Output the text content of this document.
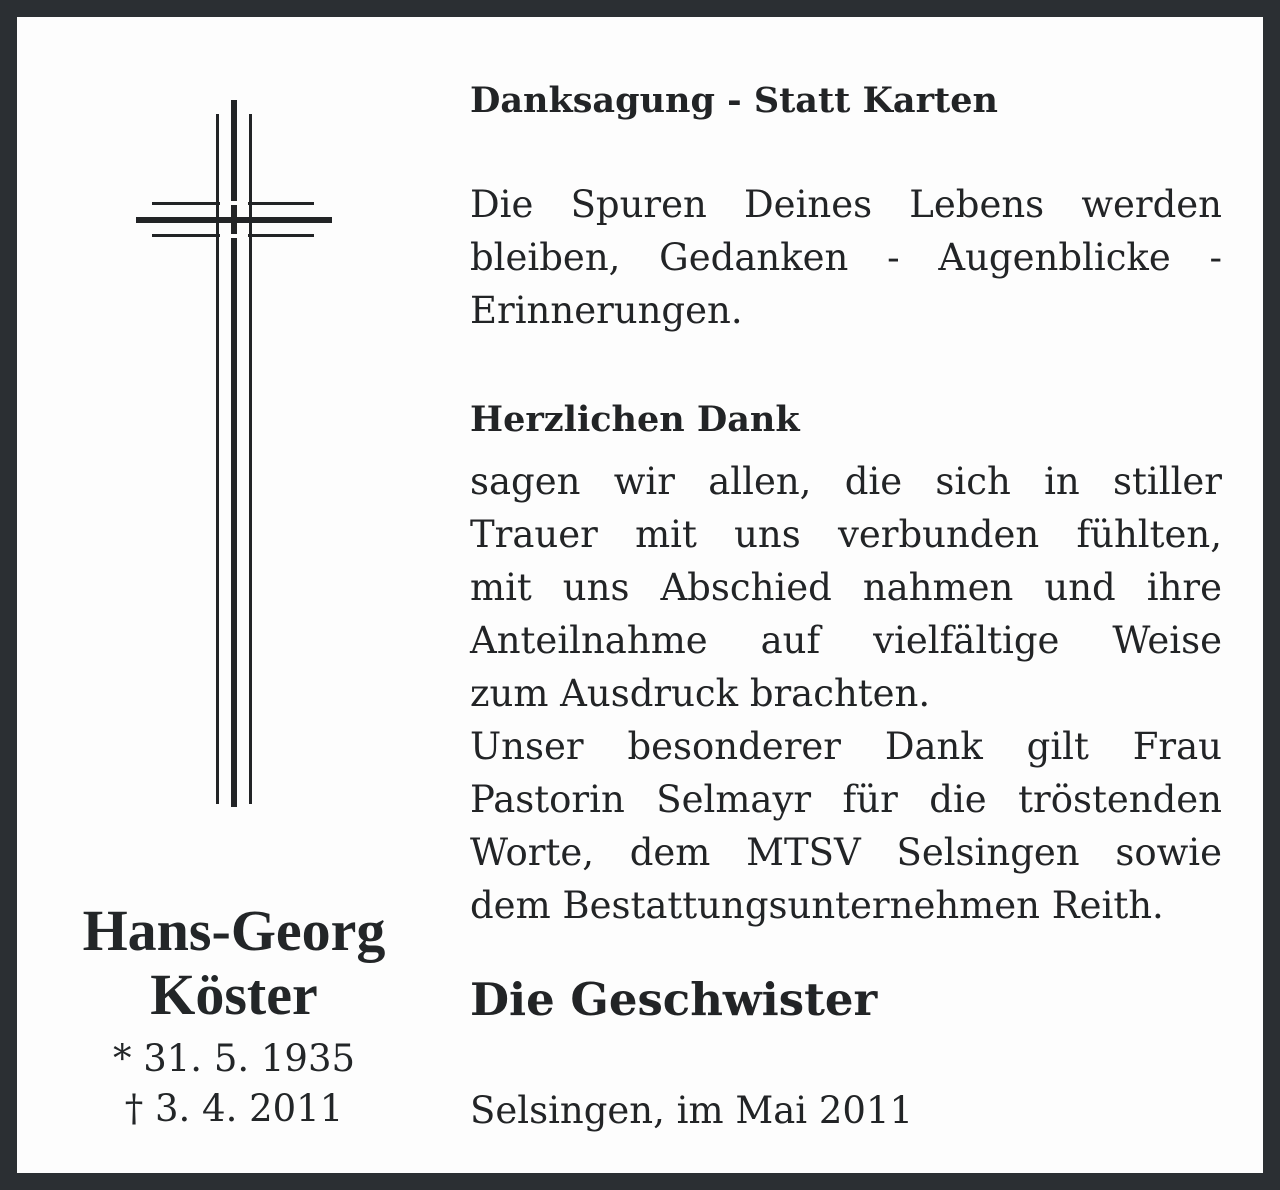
Hans-Georg
Köster
* 31. 5. 1935
† 3. 4. 2011
Danksagung - Statt Karten
Die Spuren Deines Lebens werden
bleiben, Gedanken - Augenblicke -
Erinnerungen.
Herzlichen Dank
sagen wir allen, die sich in stiller
Trauer mit uns verbunden fühlten,
mit uns Abschied nahmen und ihre
Anteilnahme auf vielfältige Weise
zum Ausdruck brachten.
Unser besonderer Dank gilt Frau
Pastorin Selmayr für die tröstenden
Worte, dem MTSV Selsingen sowie
dem Bestattungsunternehmen Reith.
Die Geschwister
Selsingen, im Mai 2011
